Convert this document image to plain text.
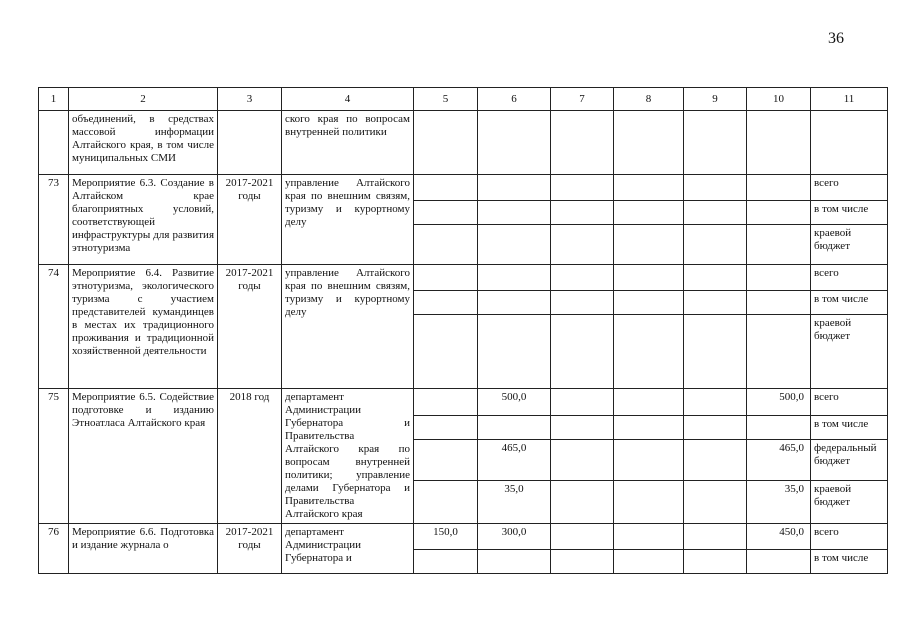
36
1	2	3	4	5	6	7	8	9	10	11
	объединений, в средствах массовой информации Алтайского края, в том числе муниципальных СМИ		ского края по вопросам внутренней политики							
73	Мероприятие 6.3. Создание в Алтайском крае благоприятных условий, соответствующей инфраструктуры для развития этнотуризма	2017-2021 годы	управление Алтайского края по внешним связям, туризму и курортному делу							всего
										в том числе
										краевой бюджет
74	Мероприятие 6.4. Развитие этнотуризма, экологического туризма с участием представителей кумандинцев в местах их традиционного проживания и традиционной хозяйственной деятельности	2017-2021 годы	управление Алтайского края по внешним связям, туризму и курортному делу							всего
										в том числе
										краевой бюджет
75	Мероприятие 6.5. Содействие подготовке и изданию Этноатласа Алтайского края	2018 год	департамент Администрации Губернатора и Правительства Алтайского края по вопросам внутренней политики; управление делами Губернатора и Правительства Алтайского края		500,0				500,0	всего
										в том числе
					465,0				465,0	федеральный бюджет
					35,0				35,0	краевой бюджет
76	Мероприятие 6.6. Подготовка и издание журнала о	2017-2021 годы	департамент Администрации Губернатора и	150,0	300,0				450,0	всего
										в том числе
